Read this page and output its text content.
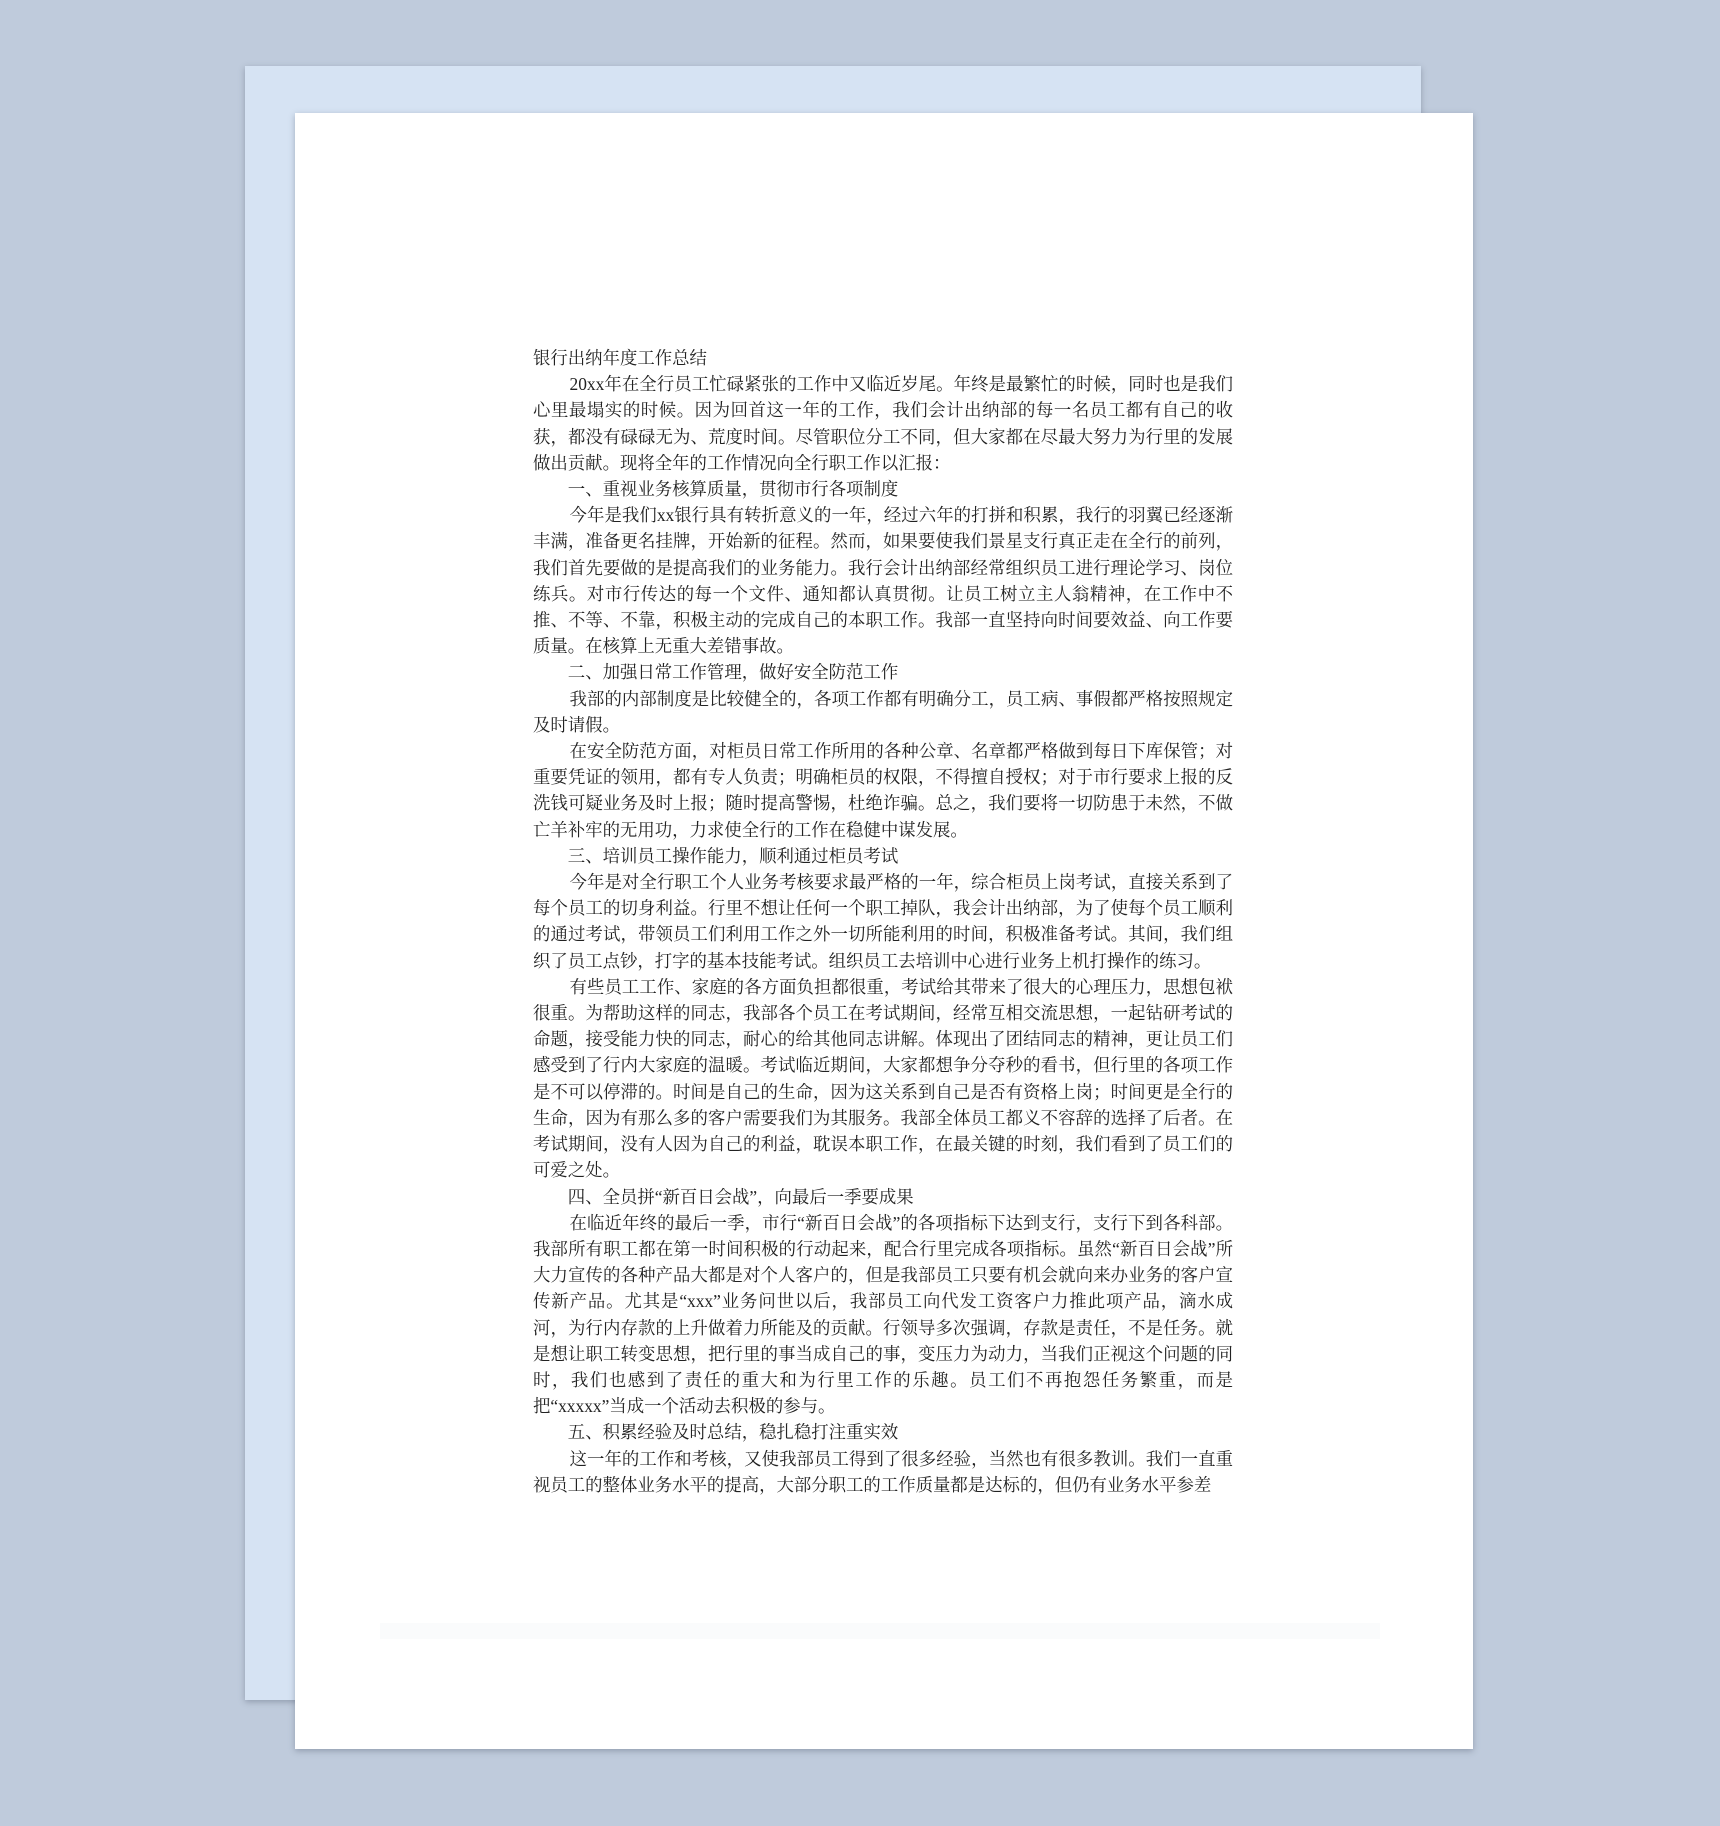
银行出纳年度工作总结

20xx年在全行员工忙碌紧张的工作中又临近岁尾。年终是最繁忙的时候，同时也是我们心里最塌实的时候。因为回首这一年的工作，我们会计出纳部的每一名员工都有自己的收获，都没有碌碌无为、荒度时间。尽管职位分工不同，但大家都在尽最大努力为行里的发展做出贡献。现将全年的工作情况向全行职工作以汇报：

一、重视业务核算质量，贯彻市行各项制度

今年是我们xx银行具有转折意义的一年，经过六年的打拼和积累，我行的羽翼已经逐渐丰满，准备更名挂牌，开始新的征程。然而，如果要使我们景星支行真正走在全行的前列，我们首先要做的是提高我们的业务能力。我行会计出纳部经常组织员工进行理论学习、岗位练兵。对市行传达的每一个文件、通知都认真贯彻。让员工树立主人翁精神，在工作中不推、不等、不靠，积极主动的完成自己的本职工作。我部一直坚持向时间要效益、向工作要质量。在核算上无重大差错事故。

二、加强日常工作管理，做好安全防范工作

我部的内部制度是比较健全的，各项工作都有明确分工，员工病、事假都严格按照规定及时请假。

在安全防范方面，对柜员日常工作所用的各种公章、名章都严格做到每日下库保管；对重要凭证的领用，都有专人负责；明确柜员的权限，不得擅自授权；对于市行要求上报的反洗钱可疑业务及时上报；随时提高警惕，杜绝诈骗。总之，我们要将一切防患于未然，不做亡羊补牢的无用功，力求使全行的工作在稳健中谋发展。

三、培训员工操作能力，顺利通过柜员考试

今年是对全行职工个人业务考核要求最严格的一年，综合柜员上岗考试，直接关系到了每个员工的切身利益。行里不想让任何一个职工掉队，我会计出纳部，为了使每个员工顺利的通过考试，带领员工们利用工作之外一切所能利用的时间，积极准备考试。其间，我们组织了员工点钞，打字的基本技能考试。组织员工去培训中心进行业务上机打操作的练习。

有些员工工作、家庭的各方面负担都很重，考试给其带来了很大的心理压力，思想包袱很重。为帮助这样的同志，我部各个员工在考试期间，经常互相交流思想，一起钻研考试的命题，接受能力快的同志，耐心的给其他同志讲解。体现出了团结同志的精神，更让员工们感受到了行内大家庭的温暖。考试临近期间，大家都想争分夺秒的看书，但行里的各项工作是不可以停滞的。时间是自己的生命，因为这关系到自己是否有资格上岗；时间更是全行的生命，因为有那么多的客户需要我们为其服务。我部全体员工都义不容辞的选择了后者。在考试期间，没有人因为自己的利益，耽误本职工作，在最关键的时刻，我们看到了员工们的可爱之处。

四、全员拼“新百日会战”，向最后一季要成果

在临近年终的最后一季，市行“新百日会战”的各项指标下达到支行，支行下到各科部。我部所有职工都在第一时间积极的行动起来，配合行里完成各项指标。虽然“新百日会战”所大力宣传的各种产品大都是对个人客户的，但是我部员工只要有机会就向来办业务的客户宣传新产品。尤其是“xxx”业务问世以后，我部员工向代发工资客户力推此项产品，滴水成河，为行内存款的上升做着力所能及的贡献。行领导多次强调，存款是责任，不是任务。就是想让职工转变思想，把行里的事当成自己的事，变压力为动力，当我们正视这个问题的同时，我们也感到了责任的重大和为行里工作的乐趣。员工们不再抱怨任务繁重，而是把“xxxxx”当成一个活动去积极的参与。

五、积累经验及时总结，稳扎稳打注重实效

这一年的工作和考核，又使我部员工得到了很多经验，当然也有很多教训。我们一直重视员工的整体业务水平的提高，大部分职工的工作质量都是达标的，但仍有业务水平参差
